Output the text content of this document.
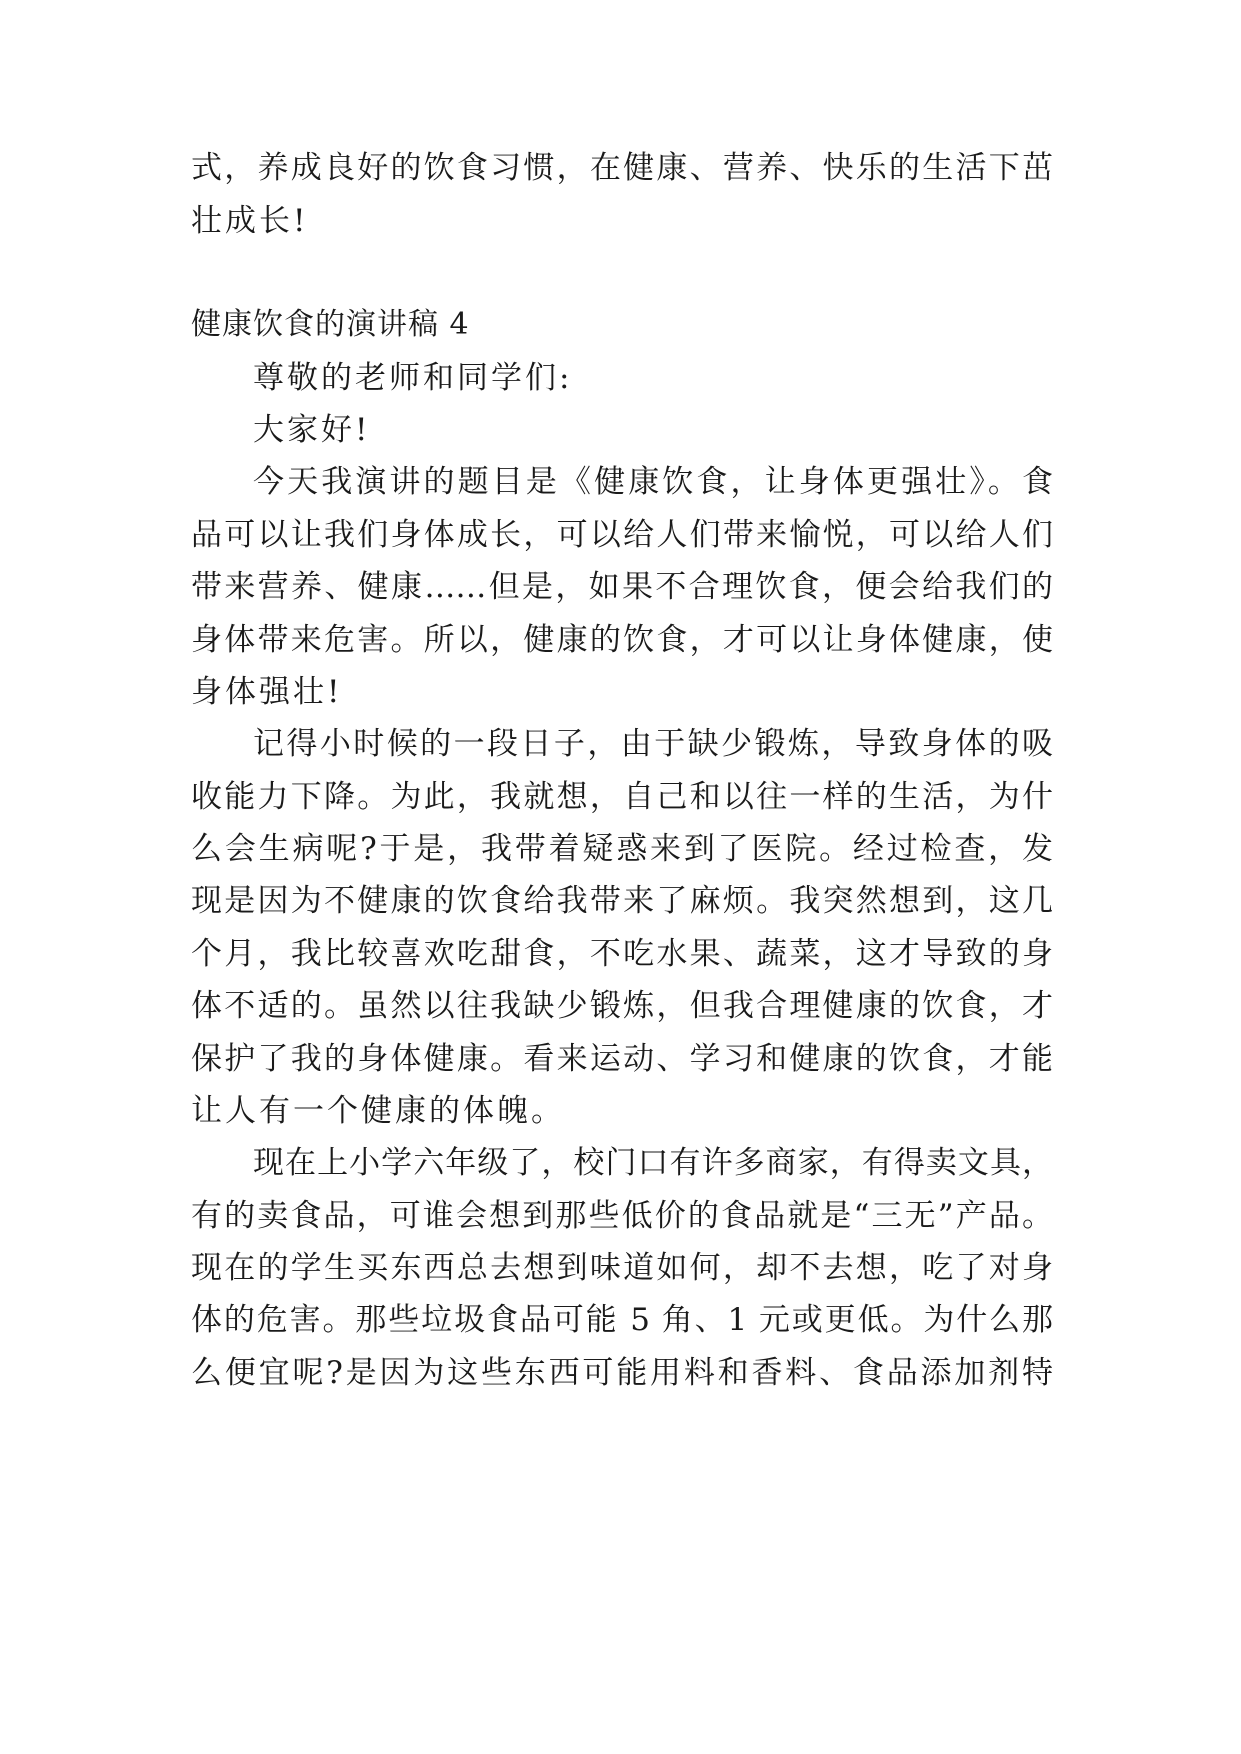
式，养成良好的饮食习惯，在健康、营养、快乐的生活下茁
壮成长!
健康饮食的演讲稿 4
尊敬的老师和同学们:
大家好!
今天我演讲的题目是《健康饮食，让身体更强壮》。食
品可以让我们身体成长，可以给人们带来愉悦，可以给人们
带来营养、健康……但是，如果不合理饮食，便会给我们的
身体带来危害。所以，健康的饮食，才可以让身体健康，使
身体强壮!
记得小时候的一段日子，由于缺少锻炼，导致身体的吸
收能力下降。为此，我就想，自己和以往一样的生活，为什
么会生病呢?于是，我带着疑惑来到了医院。经过检查，发
现是因为不健康的饮食给我带来了麻烦。我突然想到，这几
个月，我比较喜欢吃甜食，不吃水果、蔬菜，这才导致的身
体不适的。虽然以往我缺少锻炼，但我合理健康的饮食，才
保护了我的身体健康。看来运动、学习和健康的饮食，才能
让人有一个健康的体魄。
现在上小学六年级了，校门口有许多商家，有得卖文具，
有的卖食品，可谁会想到那些低价的食品就是“三无”产品。
现在的学生买东西总去想到味道如何，却不去想，吃了对身
体的危害。那些垃圾食品可能 5 角、1 元或更低。为什么那
么便宜呢?是因为这些东西可能用料和香料、食品添加剂特
